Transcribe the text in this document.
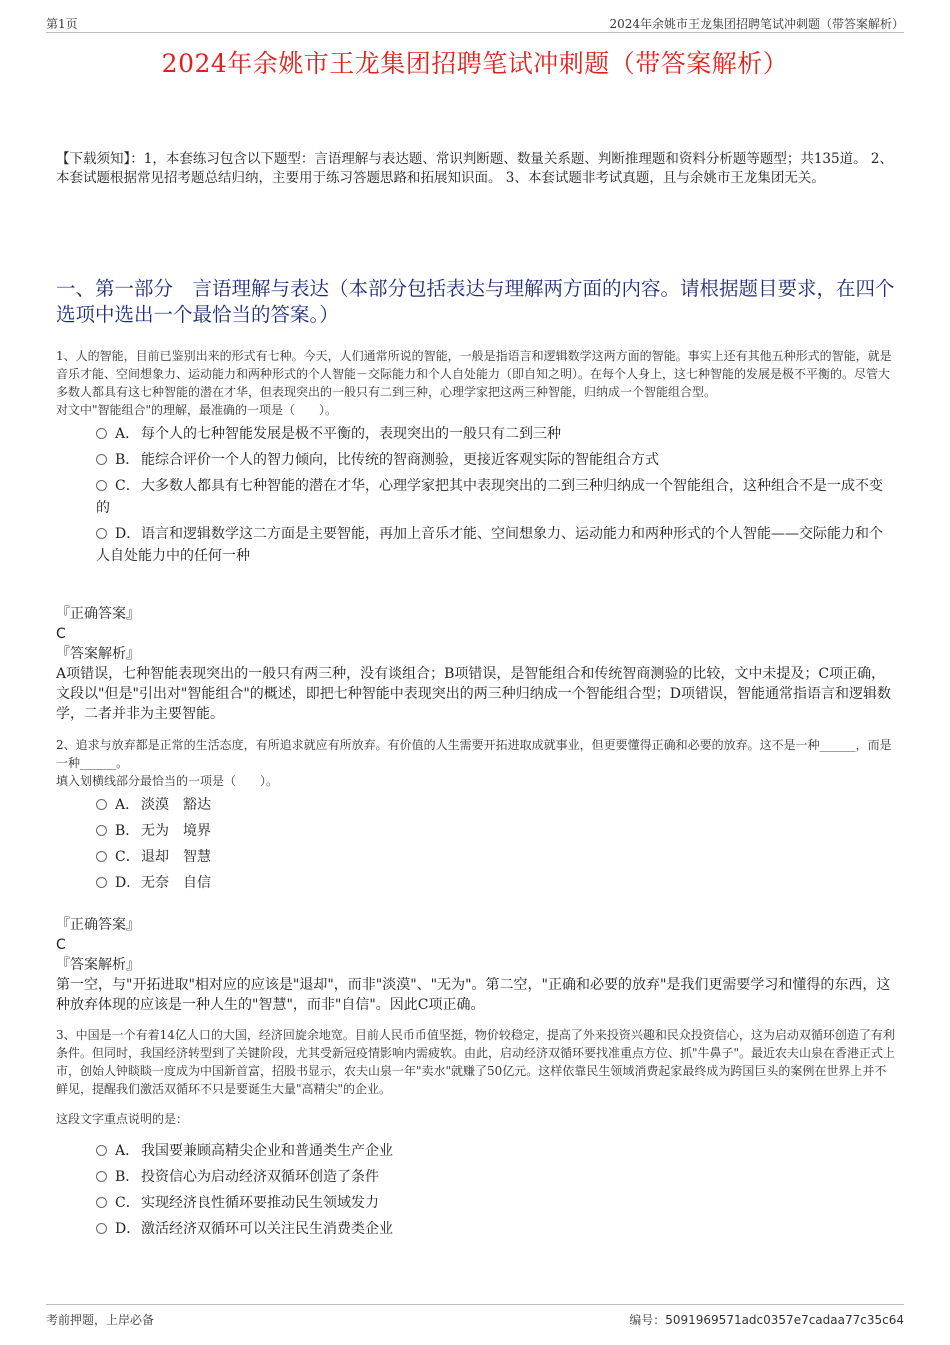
第1页	2024年余姚市王龙集团招聘笔试冲刺题（带答案解析）
2024年余姚市王龙集团招聘笔试冲刺题（带答案解析）
【下载须知】：1，本套练习包含以下题型：言语理解与表达题、常识判断题、数量关系题、判断推理题和资料分析题等题型；共135道。 2、本套试题根据常见招考题总结归纳，主要用于练习答题思路和拓展知识面。 3、本套试题非考试真题，且与余姚市王龙集团无关。
一、第一部分　言语理解与表达（本部分包括表达与理解两方面的内容。请根据题目要求，在四个选项中选出一个最恰当的答案。）
1、人的智能，目前已鉴别出来的形式有七种。今天，人们通常所说的智能，一般是指语言和逻辑数学这两方面的智能。事实上还有其他五种形式的智能，就是音乐才能、空间想象力、运动能力和两种形式的个人智能－交际能力和个人自处能力（即自知之明）。在每个人身上，这七种智能的发展是极不平衡的。尽管大多数人都具有这七种智能的潜在才华，但表现突出的一般只有二到三种，心理学家把这两三种智能，归纳成一个智能组合型。
对文中"智能组合"的理解，最准确的一项是（　　）。
A． 每个人的七种智能发展是极不平衡的，表现突出的一般只有二到三种
B． 能综合评价一个人的智力倾向，比传统的智商测验，更接近客观实际的智能组合方式
C．大多数人都具有七种智能的潜在才华，心理学家把其中表现突出的二到三种归纳成一个智能组合，这种组合不是一成不变的
D．语言和逻辑数学这二方面是主要智能，再加上音乐才能、空间想象力、运动能力和两种形式的个人智能——交际能力和个人自处能力中的任何一种
『正确答案』
C
『答案解析』
A项错误，七种智能表现突出的一般只有两三种，没有谈组合；B项错误，是智能组合和传统智商测验的比较，文中未提及；C项正确，文段以"但是"引出对"智能组合"的概述，即把七种智能中表现突出的两三种归纳成一个智能组合型；D项错误，智能通常指语言和逻辑数学，二者并非为主要智能。
2、追求与放弃都是正常的生活态度，有所追求就应有所放弃。有价值的人生需要开拓进取成就事业，但更要懂得正确和必要的放弃。这不是一种______，而是一种______。
填入划横线部分最恰当的一项是（　　）。
A． 淡漠　豁达
B． 无为　境界
C．退却　智慧
D．无奈　自信
『正确答案』
C
『答案解析』
第一空，与"开拓进取"相对应的应该是"退却"，而非"淡漠"、"无为"。第二空，"正确和必要的放弃"是我们更需要学习和懂得的东西，这种放弃体现的应该是一种人生的"智慧"，而非"自信"。因此C项正确。
3、中国是一个有着14亿人口的大国，经济回旋余地宽。目前人民币币值坚挺，物价较稳定，提高了外来投资兴趣和民众投资信心，这为启动双循环创造了有利条件。但同时，我国经济转型到了关键阶段，尤其受新冠疫情影响内需疲软。由此，启动经济双循环要找准重点方位、抓"牛鼻子"。最近农夫山泉在香港正式上市，创始人钟睒睒一度成为中国新首富，招股书显示，农夫山泉一年"卖水"就赚了50亿元。这样依靠民生领域消费起家最终成为跨国巨头的案例在世界上并不鲜见，提醒我们激活双循环不只是要诞生大量"高精尖"的企业。
这段文字重点说明的是：
A． 我国要兼顾高精尖企业和普通类生产企业
B． 投资信心为启动经济双循环创造了条件
C．实现经济良性循环要推动民生领域发力
D．激活经济双循环可以关注民生消费类企业
考前押题，上岸必备	编号：5091969571adc0357e7cadaa77c35c64
